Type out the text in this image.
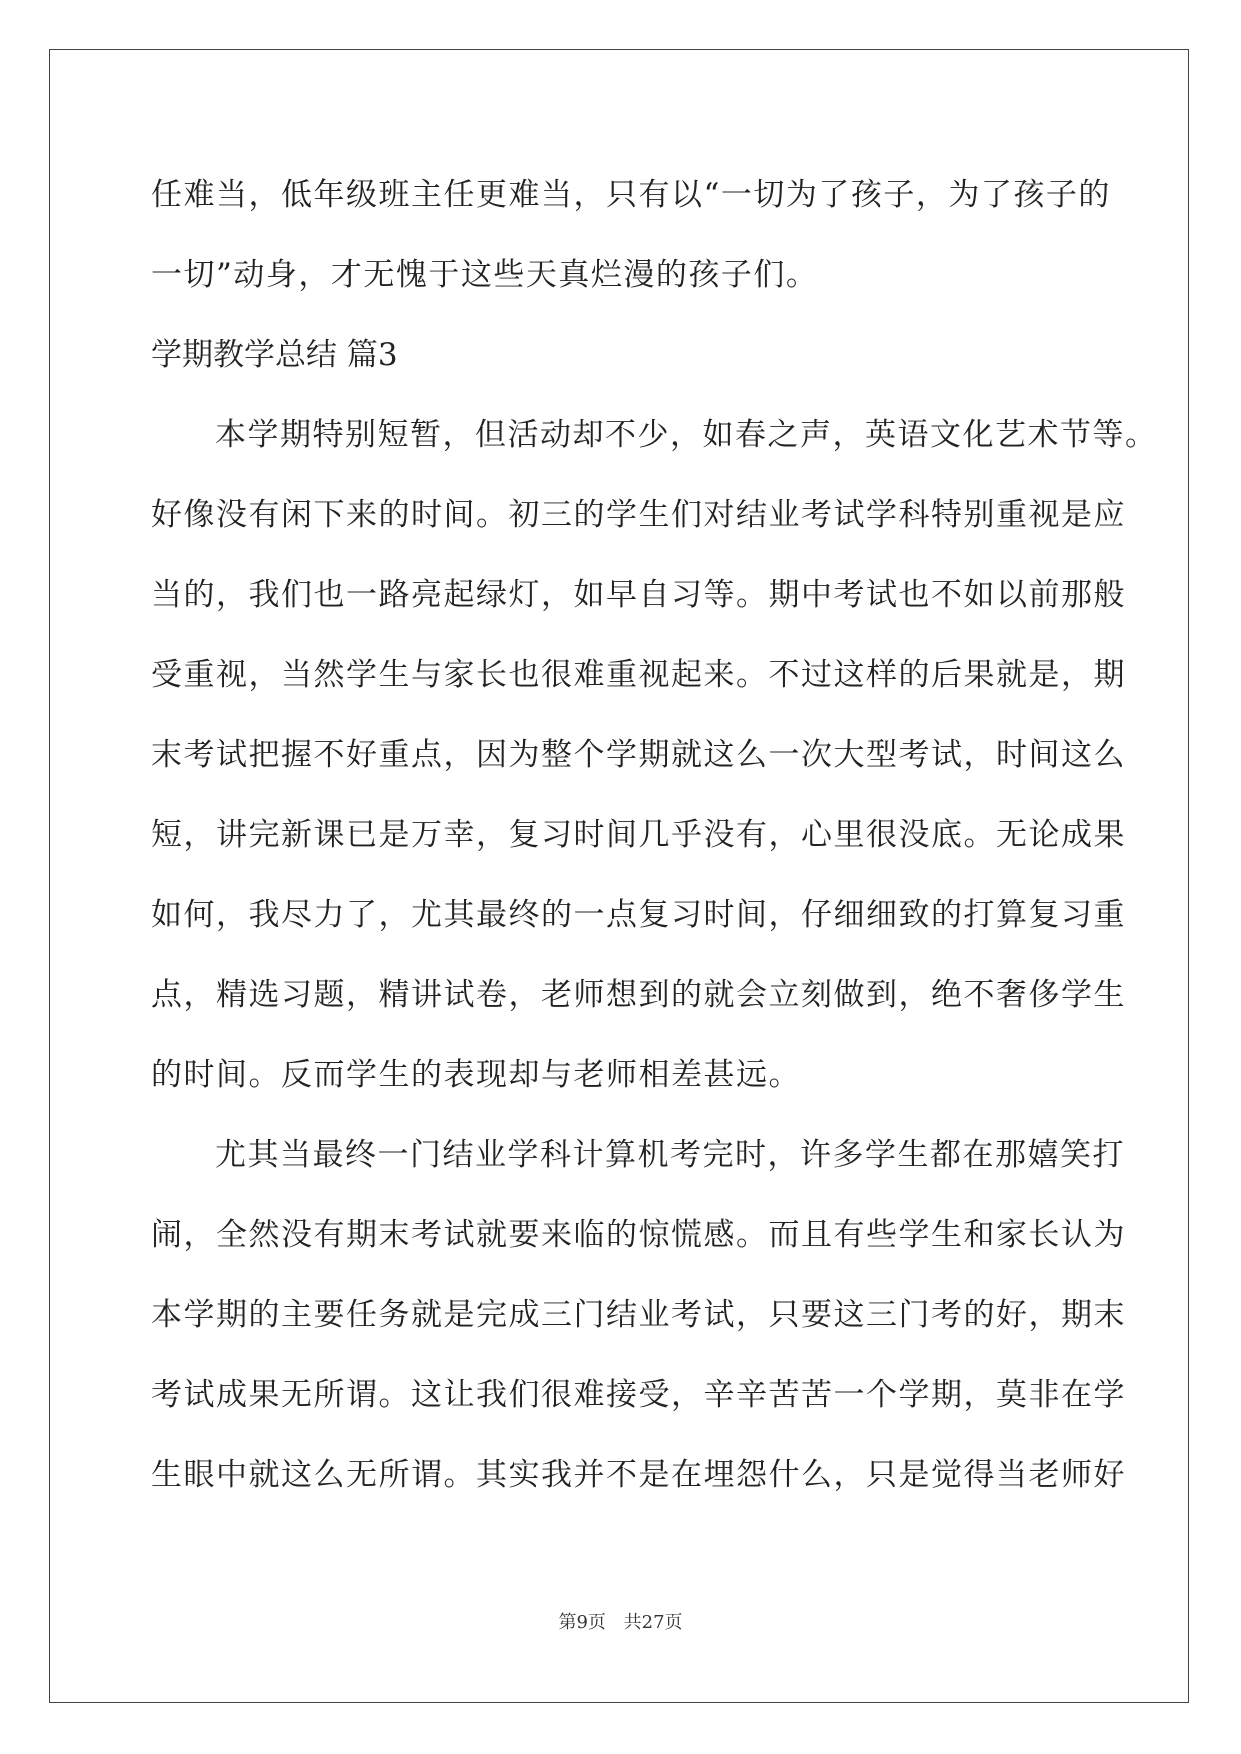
任难当，低年级班主任更难当，只有以“一切为了孩子，为了孩子的
一切”动身，才无愧于这些天真烂漫的孩子们。
学期教学总结 篇3
本学期特别短暂，但活动却不少，如春之声，英语文化艺术节等。
好像没有闲下来的时间。初三的学生们对结业考试学科特别重视是应
当的，我们也一路亮起绿灯，如早自习等。期中考试也不如以前那般
受重视，当然学生与家长也很难重视起来。不过这样的后果就是，期
末考试把握不好重点，因为整个学期就这么一次大型考试，时间这么
短，讲完新课已是万幸，复习时间几乎没有，心里很没底。无论成果
如何，我尽力了，尤其最终的一点复习时间，仔细细致的打算复习重
点，精选习题，精讲试卷，老师想到的就会立刻做到，绝不奢侈学生
的时间。反而学生的表现却与老师相差甚远。
尤其当最终一门结业学科计算机考完时，许多学生都在那嬉笑打
闹，全然没有期末考试就要来临的惊慌感。而且有些学生和家长认为
本学期的主要任务就是完成三门结业考试，只要这三门考的好，期末
考试成果无所谓。这让我们很难接受，辛辛苦苦一个学期，莫非在学
生眼中就这么无所谓。其实我并不是在埋怨什么，只是觉得当老师好
第9页 共27页
